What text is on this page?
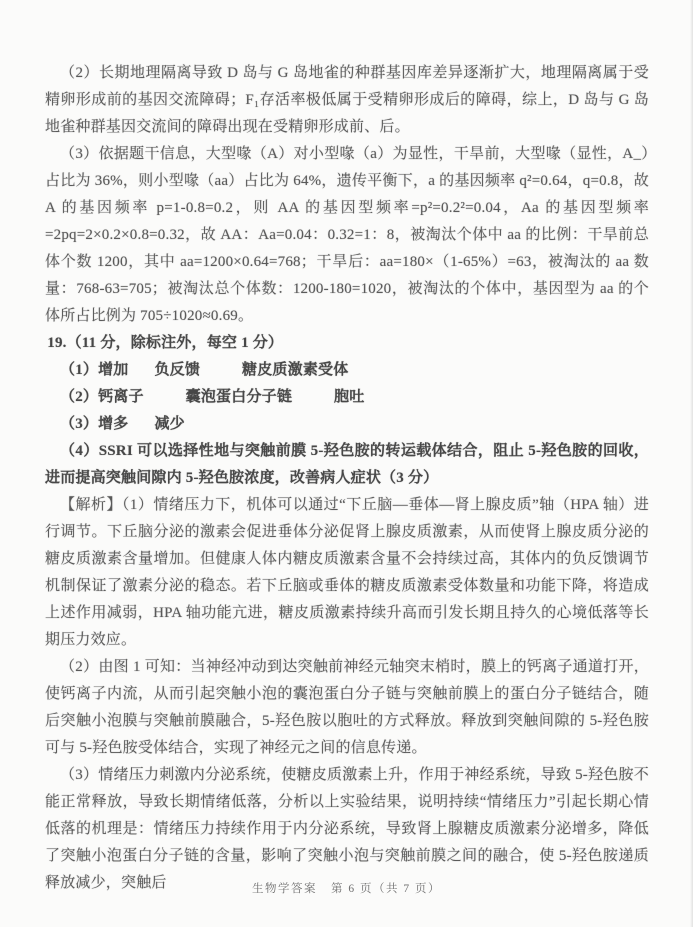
（2）长期地理隔离导致 D 岛与 G 岛地雀的种群基因库差异逐渐扩大，地理隔离属于受精卵形成前的基因交流障碍；F₁存活率极低属于受精卵形成后的障碍，综上，D 岛与 G 岛地雀种群基因交流间的障碍出现在受精卵形成前、后。

（3）依据题干信息，大型喙（A）对小型喙（a）为显性，干旱前，大型喙（显性，A_）占比为 36%，则小型喙（aa）占比为 64%，遗传平衡下，a 的基因频率 q²=0.64，q=0.8，故 A 的基因频率 p=1-0.8=0.2，则 AA 的基因型频率=p²=0.2²=0.04，Aa 的基因型频率=2pq=2×0.2×0.8=0.32，故 AA：Aa=0.04：0.32=1：8，被淘汰个体中 aa 的比例：干旱前总体个数 1200，其中 aa=1200×0.64=768；干旱后：aa=180×（1-65%）=63，被淘汰的 aa 数量：768-63=705；被淘汰总个体数：1200-180=1020，被淘汰的个体中，基因型为 aa 的个体所占比例为 705÷1020≈0.69。

19.（11 分，除标注外，每空 1 分）

（1）增加 负反馈	糖皮质激素受体
（2）钙离子	囊泡蛋白分子链	胞吐
（3）增多 减少

（4）SSRI 可以选择性地与突触前膜 5-羟色胺的转运载体结合，阻止 5-羟色胺的回收，进而提高突触间隙内 5-羟色胺浓度，改善病人症状（3 分）

【解析】（1）情绪压力下，机体可以通过“下丘脑—垂体—肾上腺皮质”轴（HPA 轴）进行调节。下丘脑分泌的激素会促进垂体分泌促肾上腺皮质激素，从而使肾上腺皮质分泌的糖皮质激素含量增加。但健康人体内糖皮质激素含量不会持续过高，其体内的负反馈调节机制保证了激素分泌的稳态。若下丘脑或垂体的糖皮质激素受体数量和功能下降，将造成上述作用减弱，HPA 轴功能亢进，糖皮质激素持续升高而引发长期且持久的心境低落等长期压力效应。

（2）由图 1 可知：当神经冲动到达突触前神经元轴突末梢时，膜上的钙离子通道打开，使钙离子内流，从而引起突触小泡的囊泡蛋白分子链与突触前膜上的蛋白分子链结合，随后突触小泡膜与突触前膜融合，5-羟色胺以胞吐的方式释放。释放到突触间隙的 5-羟色胺可与 5-羟色胺受体结合，实现了神经元之间的信息传递。

（3）情绪压力刺激内分泌系统，使糖皮质激素上升，作用于神经系统，导致 5-羟色胺不能正常释放，导致长期情绪低落，分析以上实验结果，说明持续“情绪压力”引起长期心情低落的机理是：情绪压力持续作用于内分泌系统，导致肾上腺糖皮质激素分泌增多，降低了突触小泡蛋白分子链的含量，影响了突触小泡与突触前膜之间的融合，使 5-羟色胺递质释放减少，突触后	生物学答案 第 6 页（共 7 页）
